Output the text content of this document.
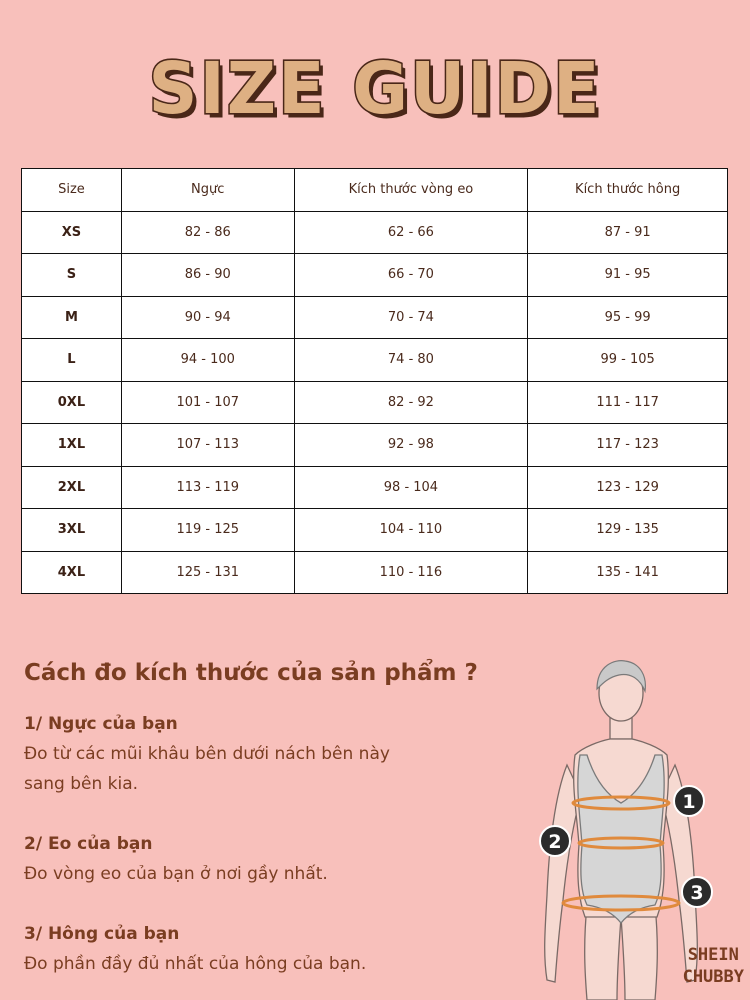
SIZE GUIDE
Size	Ngực	Kích thước vòng eo	Kích thước hông
XS	82 - 86	62 - 66	87 - 91
S	86 - 90	66 - 70	91 - 95
M	90 - 94	70 - 74	95 - 99
L	94 - 100	74 - 80	99 - 105
0XL	101 - 107	82 - 92	111 - 117
1XL	107 - 113	92 - 98	117 - 123
2XL	113 - 119	98 - 104	123 - 129
3XL	119 - 125	104 - 110	129 - 135
4XL	125 - 131	110 - 116	135 - 141
Cách đo kích thước của sản phẩm ?
1/ Ngực của bạn
Đo từ các mũi khâu bên dưới nách bên này
sang bên kia.
2/ Eo của bạn
Đo vòng eo của bạn ở nơi gầy nhất.
3/ Hông của bạn
Đo phần đầy đủ nhất của hông của bạn.
1
2
3
SHEIN
CHUBBY
